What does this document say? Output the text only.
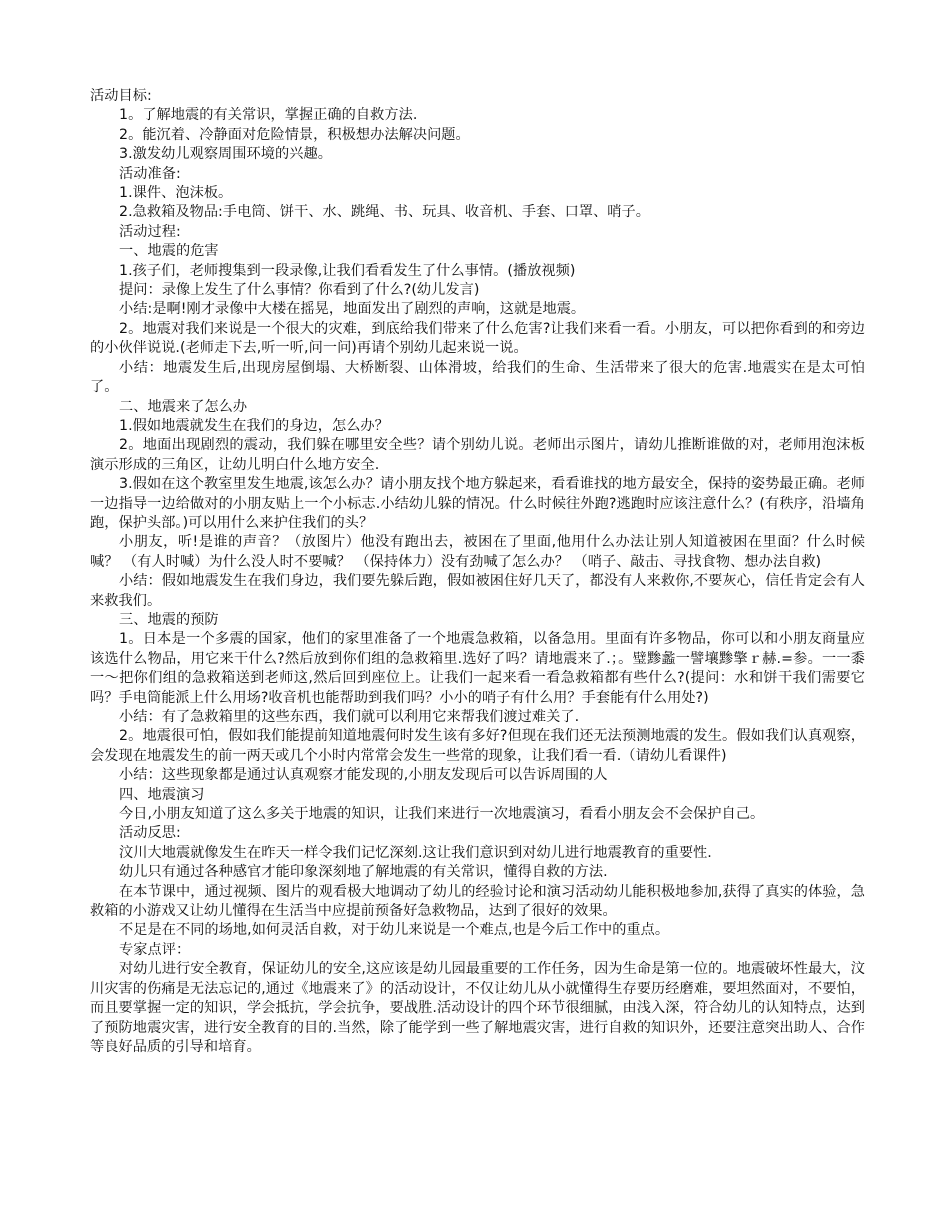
活动目标:

1。了解地震的有关常识，掌握正确的自救方法.

2。能沉着、冷静面对危险情景，积极想办法解决问题。

3.激发幼儿观察周围环境的兴趣。

活动准备:

1.课件、泡沫板。

2.急救箱及物品:手电筒、饼干、水、跳绳、书、玩具、收音机、手套、口罩、哨子。

活动过程:

一、地震的危害

1.孩子们，老师搜集到一段录像,让我们看看发生了什么事情。(播放视频)

提问：录像上发生了什么事情？你看到了什么?(幼儿发言)

小结:是啊!刚才录像中大楼在摇晃，地面发出了剧烈的声响，这就是地震。

2。地震对我们来说是一个很大的灾难，到底给我们带来了什么危害?让我们来看一看。小朋友，可以把你看到的和旁边的小伙伴说说.(老师走下去,听一听,问一问)再请个别幼儿起来说一说。

小结：地震发生后,出现房屋倒塌、大桥断裂、山体滑坡，给我们的生命、生活带来了很大的危害.地震实在是太可怕了。

二、地震来了怎么办

1.假如地震就发生在我们的身边，怎么办？

2。地面出现剧烈的震动，我们躲在哪里安全些？请个别幼儿说。老师出示图片，请幼儿推断谁做的对，老师用泡沫板演示形成的三角区，让幼儿明白什么地方安全.

3.假如在这个教室里发生地震,该怎么办？请小朋友找个地方躲起来，看看谁找的地方最安全，保持的姿势最正确。老师一边指导一边给做对的小朋友贴上一个小标志.小结幼儿躲的情况。什么时候往外跑?逃跑时应该注意什么？(有秩序，沿墙角跑，保护头部。)可以用什么来护住我们的头？

小朋友，听!是谁的声音？（放图片）他没有跑出去，被困在了里面,他用什么办法让别人知道被困在里面？什么时候喊？ （有人时喊）为什么没人时不要喊？ （保持体力）没有劲喊了怎么办？ （哨子、敲击、寻找食物、想办法自救)

小结：假如地震发生在我们身边，我们要先躲后跑，假如被困住好几天了，都没有人来救你,不要灰心，信任肯定会有人来救我们。

三、地震的预防

1。日本是一个多震的国家，他们的家里准备了一个地震急救箱，以备急用。里面有许多物品，你可以和小朋友商量应该选什么物品，用它来干什么?然后放到你们组的急救箱里.选好了吗？请地震来了.；。璧黪蠡一譬壤黪擎ｒ赫.=参。一一黍一～把你们组的急救箱送到老师这,然后回到座位上。让我们一起来看一看急救箱都有些什么?(提问：水和饼干我们需要它吗？手电筒能派上什么用场?收音机也能帮助到我们吗？小小的哨子有什么用？手套能有什么用处?)

小结：有了急救箱里的这些东西，我们就可以利用它来帮我们渡过难关了.

2。地震很可怕，假如我们能提前知道地震何时发生该有多好?但现在我们还无法预测地震的发生。假如我们认真观察，会发现在地震发生的前一两天或几个小时内常常会发生一些常的现象，让我们看一看.（请幼儿看课件)

小结：这些现象都是通过认真观察才能发现的,小朋友发现后可以告诉周围的人

四、地震演习

今日,小朋友知道了这么多关于地震的知识，让我们来进行一次地震演习，看看小朋友会不会保护自己。

活动反思:

汶川大地震就像发生在昨天一样令我们记忆深刻.这让我们意识到对幼儿进行地震教育的重要性.

幼儿只有通过各种感官才能印象深刻地了解地震的有关常识，懂得自救的方法.

在本节课中，通过视频、图片的观看极大地调动了幼儿的经验讨论和演习活动幼儿能积极地参加,获得了真实的体验，急救箱的小游戏又让幼儿懂得在生活当中应提前预备好急救物品，达到了很好的效果。

不足是在不同的场地,如何灵活自救，对于幼儿来说是一个难点,也是今后工作中的重点。

专家点评：

对幼儿进行安全教育，保证幼儿的安全,这应该是幼儿园最重要的工作任务，因为生命是第一位的。地震破坏性最大，汶川灾害的伤痛是无法忘记的,通过《地震来了》的活动设计，不仅让幼儿从小就懂得生存要历经磨难，要坦然面对，不要怕，而且要掌握一定的知识，学会抵抗，学会抗争，要战胜.活动设计的四个环节很细腻，由浅入深，符合幼儿的认知特点，达到了预防地震灾害，进行安全教育的目的.当然，除了能学到一些了解地震灾害，进行自救的知识外，还要注意突出助人、合作等良好品质的引导和培育。
